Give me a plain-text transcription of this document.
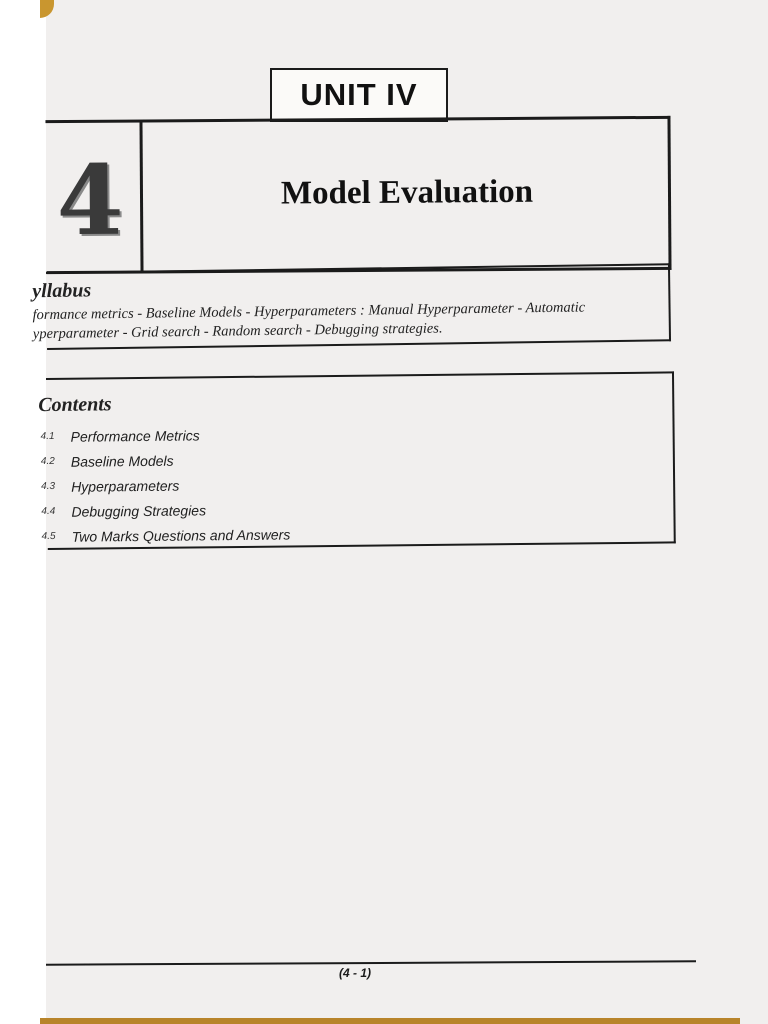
UNIT IV
4	Model Evaluation
yllabus
formance metrics - Baseline Models - Hyperparameters : Manual Hyperparameter - Automatic yperparameter - Grid search - Random search - Debugging strategies.
Contents
4.1	Performance Metrics
4.2	Baseline Models
4.3	Hyperparameters
4.4	Debugging Strategies
4.5	Two Marks Questions and Answers
(4 - 1)
